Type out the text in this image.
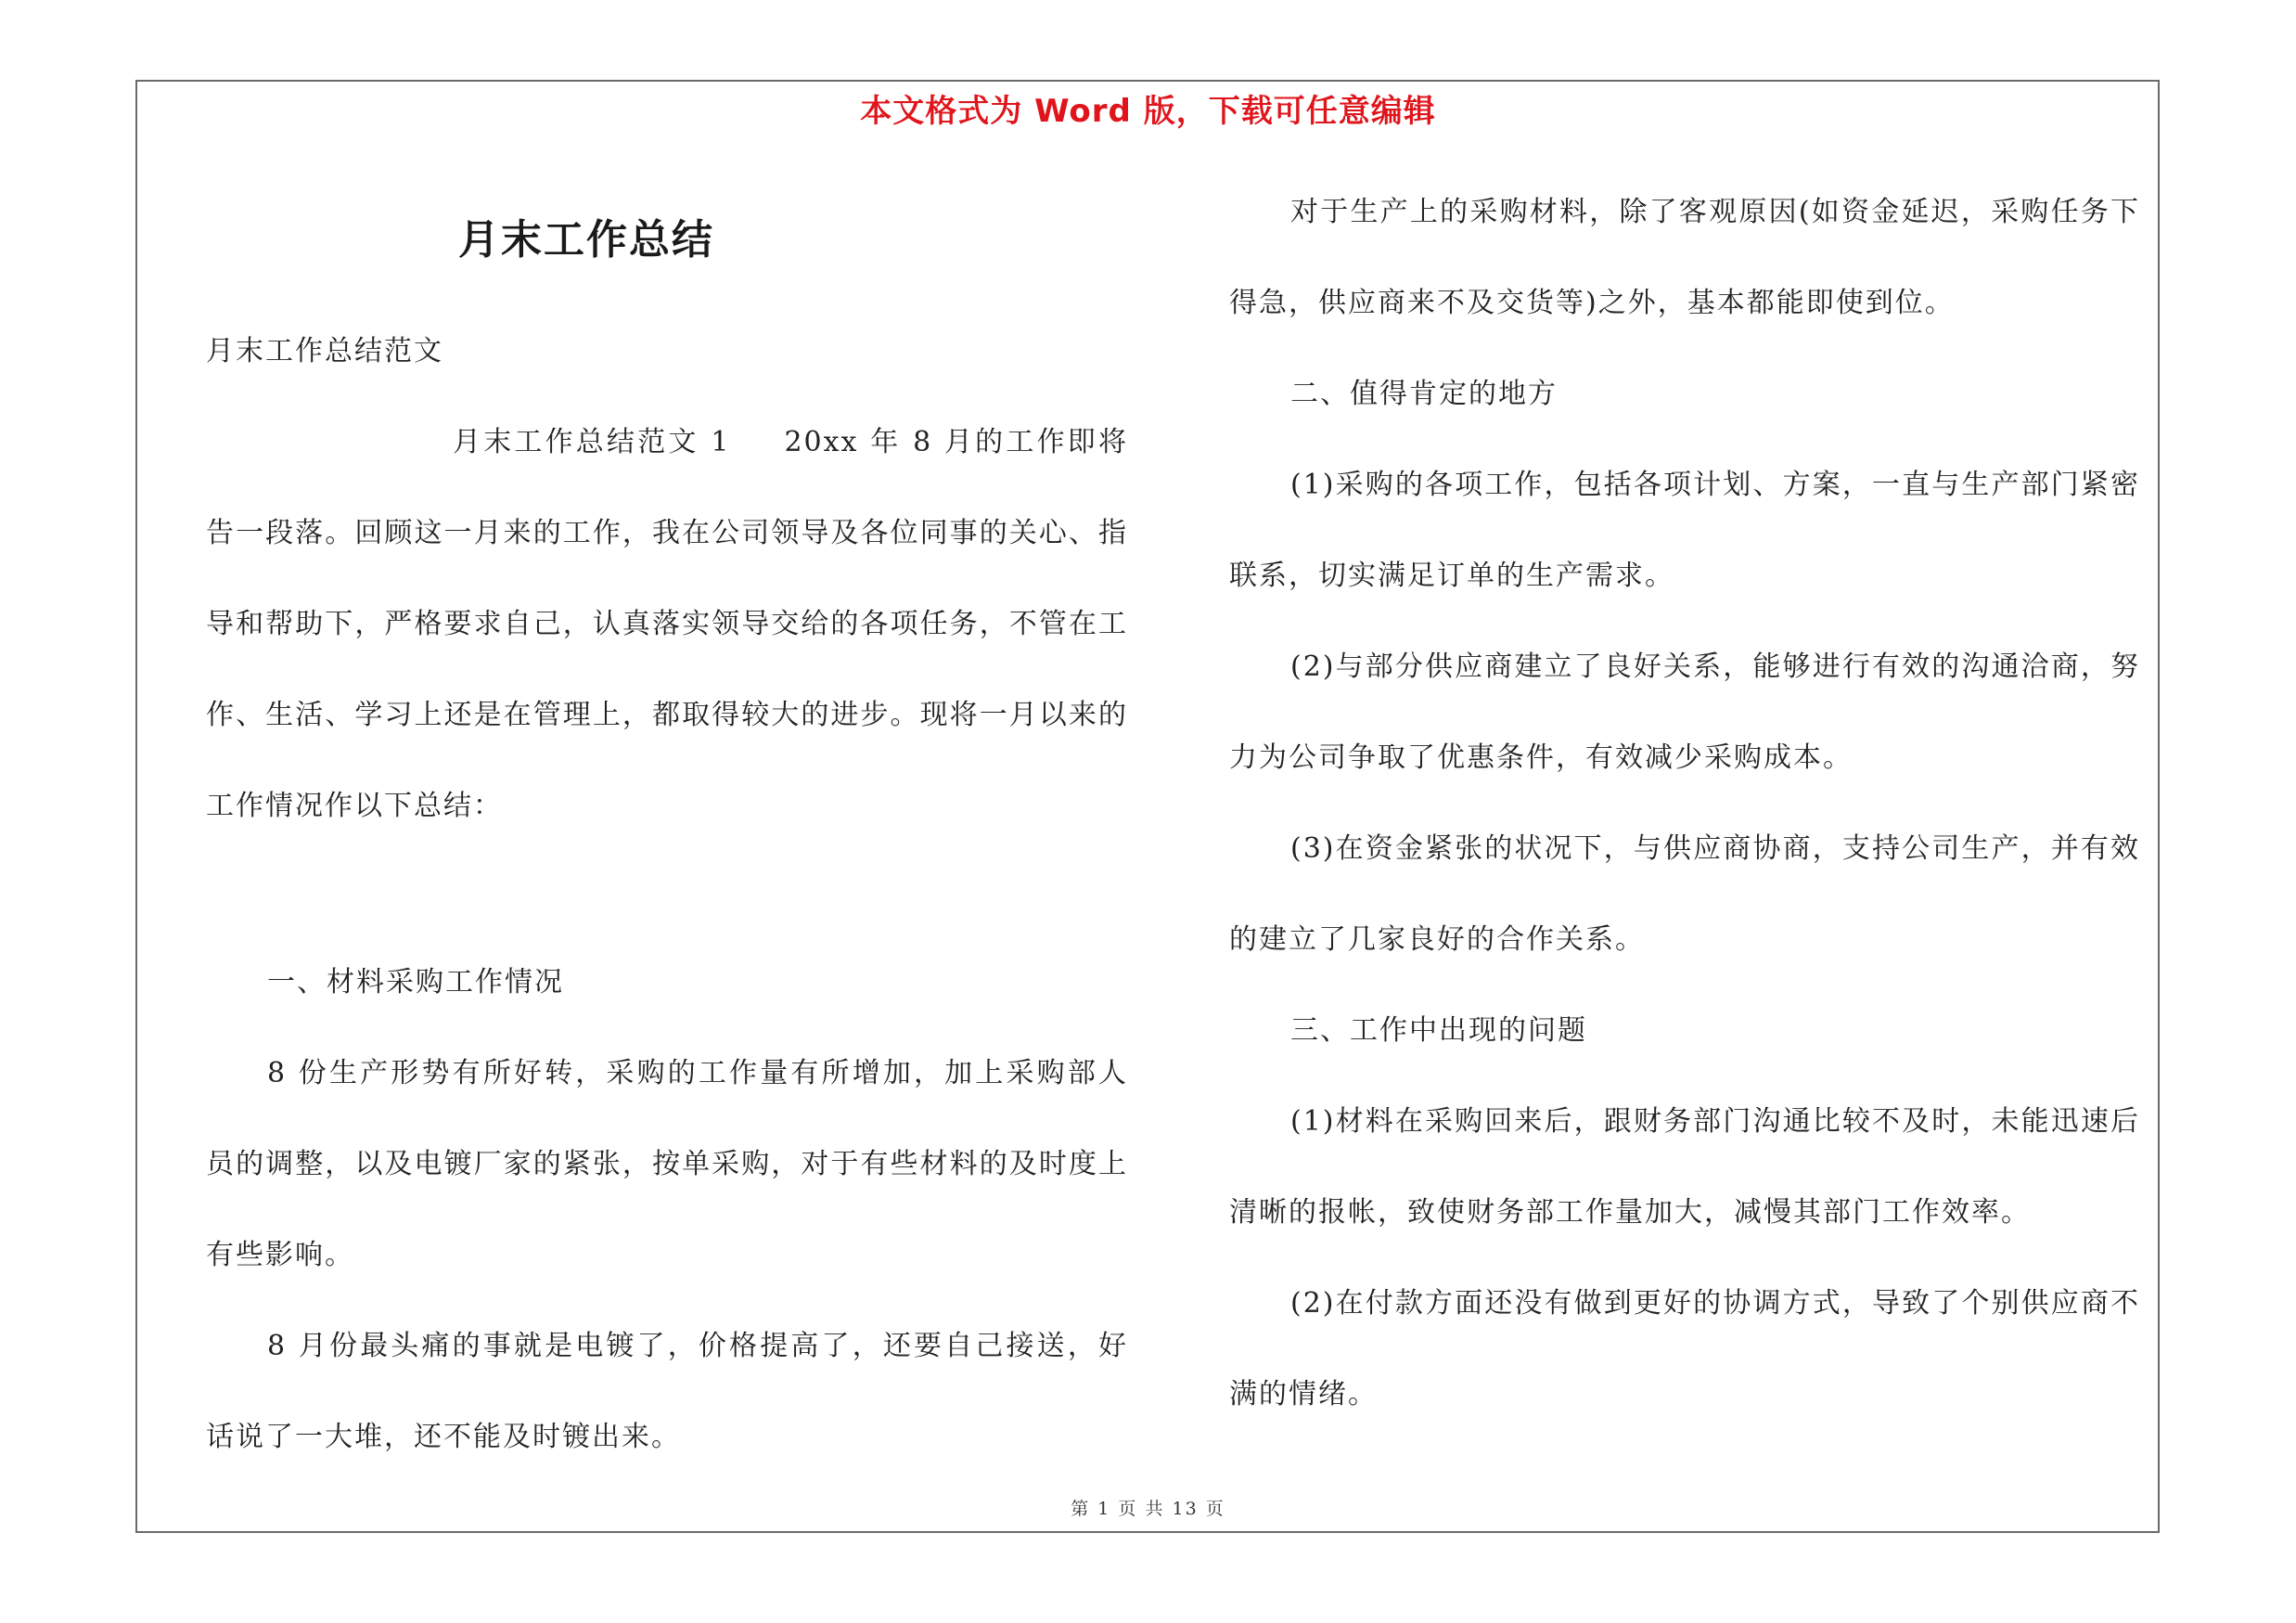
本文格式为 Word 版，下载可任意编辑
月末工作总结

月末工作总结范文

月末工作总结范文 1 20xx 年 8 月的工作即将告一段落。回顾这一月来的工作，我在公司领导及各位同事的关心、指导和帮助下，严格要求自己，认真落实领导交给的各项任务，不管在工作、生活、学习上还是在管理上，都取得较大的进步。现将一月以来的工作情况作以下总结：

一、材料采购工作情况

8 份生产形势有所好转，采购的工作量有所增加，加上采购部人员的调整，以及电镀厂家的紧张，按单采购，对于有些材料的及时度上有些影响。

8 月份最头痛的事就是电镀了，价格提高了，还要自己接送，好话说了一大堆，还不能及时镀出来。

对于生产上的采购材料，除了客观原因(如资金延迟，采购任务下得急，供应商来不及交货等)之外，基本都能即使到位。

二、值得肯定的地方

(1)采购的各项工作，包括各项计划、方案，一直与生产部门紧密联系，切实满足订单的生产需求。

(2)与部分供应商建立了良好关系，能够进行有效的沟通洽商，努力为公司争取了优惠条件，有效减少采购成本。

(3)在资金紧张的状况下，与供应商协商，支持公司生产，并有效的建立了几家良好的合作关系。

三、工作中出现的问题

(1)材料在采购回来后，跟财务部门沟通比较不及时，未能迅速后清晰的报帐，致使财务部工作量加大，减慢其部门工作效率。

(2)在付款方面还没有做到更好的协调方式，导致了个别供应商不满的情绪。

第 1 页 共 13 页
